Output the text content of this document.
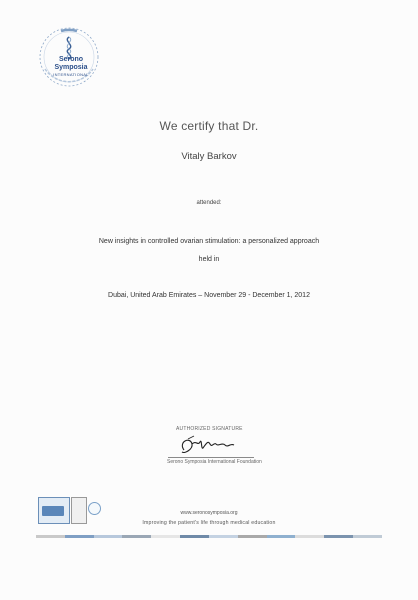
Serono
Symposia
INTERNATIONAL
We certify that Dr.
Vitaly Barkov
attended:
New insights in controlled ovarian stimulation: a personalized approach
held in
Dubai, United Arab Emirates – November 29 - December 1, 2012
AUTHORIZED SIGNATURE
Serono Symposia International Foundation
www.seronosymposia.org
Improving the patient's life through medical education
